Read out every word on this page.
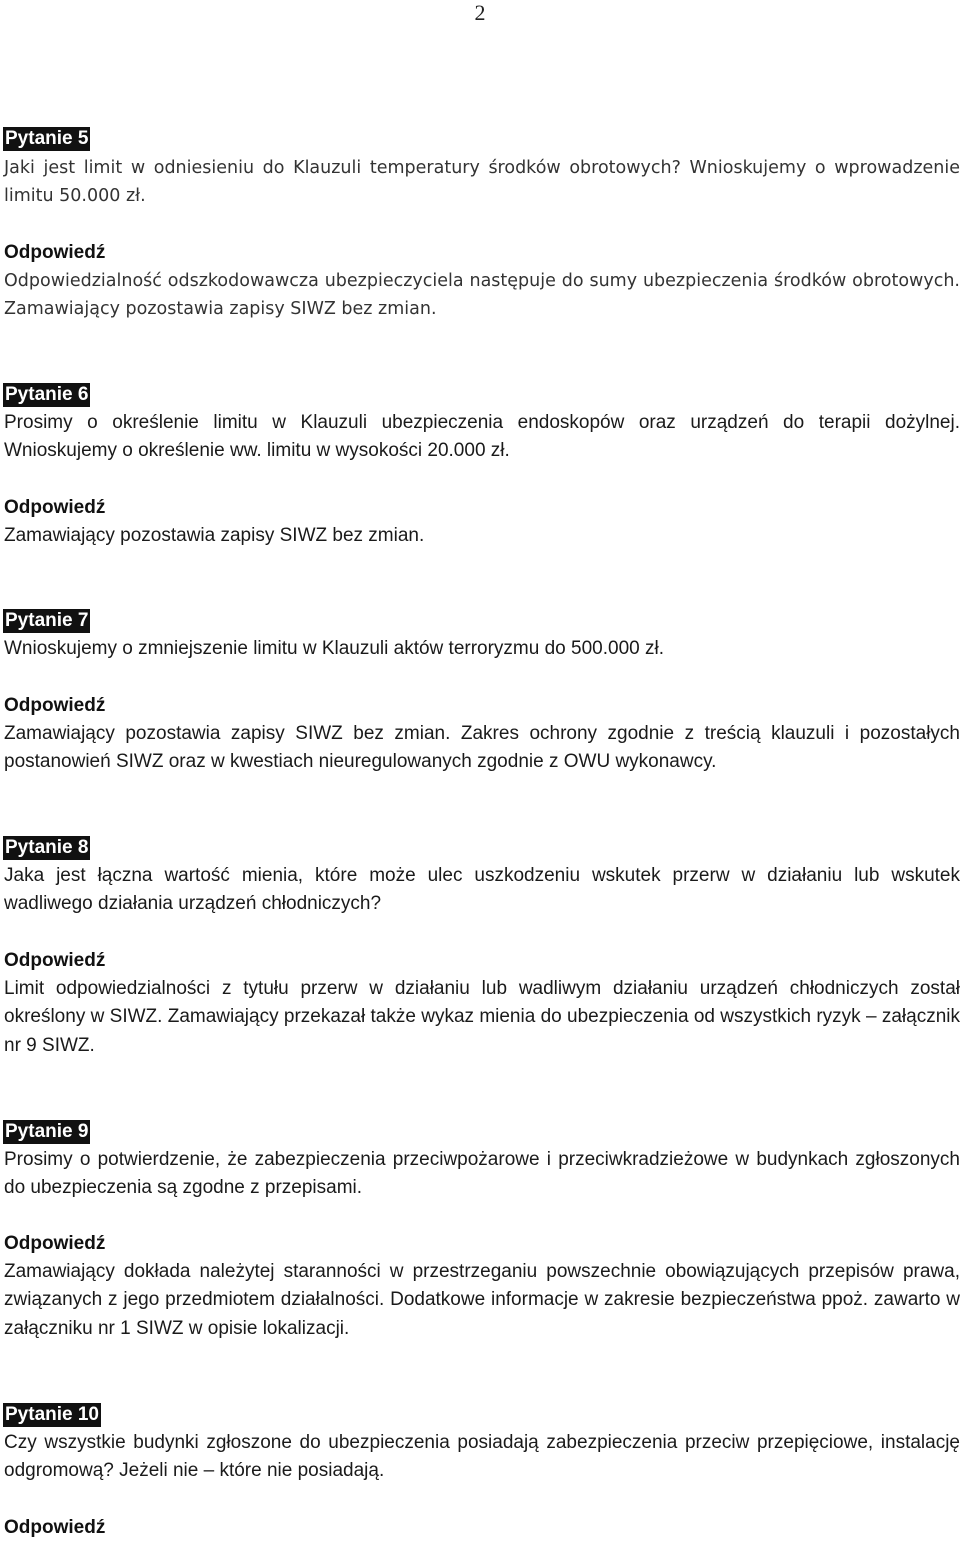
2
Pytanie 5

Jaki jest limit w odniesieniu do Klauzuli temperatury środków obrotowych? Wnioskujemy o wprowadzenie limitu 50.000 zł.

Odpowiedź

Odpowiedzialność odszkodowawcza ubezpieczyciela następuje do sumy ubezpieczenia środków obrotowych. Zamawiający pozostawia zapisy SIWZ bez zmian.

Pytanie 6

Prosimy o określenie limitu w Klauzuli ubezpieczenia endoskopów oraz urządzeń do terapii dożylnej. Wnioskujemy o określenie ww. limitu w wysokości 20.000 zł.

Odpowiedź

Zamawiający pozostawia zapisy SIWZ bez zmian.

Pytanie 7

Wnioskujemy o zmniejszenie limitu w Klauzuli aktów terroryzmu do 500.000 zł.

Odpowiedź

Zamawiający pozostawia zapisy SIWZ bez zmian. Zakres ochrony zgodnie z treścią klauzuli i pozostałych postanowień SIWZ oraz w kwestiach nieuregulowanych zgodnie z OWU wykonawcy.

Pytanie 8

Jaka jest łączna wartość mienia, które może ulec uszkodzeniu wskutek przerw w działaniu lub wskutek wadliwego działania urządzeń chłodniczych?

Odpowiedź

Limit odpowiedzialności z tytułu przerw w działaniu lub wadliwym działaniu urządzeń chłodniczych został określony w SIWZ. Zamawiający przekazał także wykaz mienia do ubezpieczenia od wszystkich ryzyk – załącznik nr 9 SIWZ.

Pytanie 9

Prosimy o potwierdzenie, że zabezpieczenia przeciwpożarowe i przeciwkradzieżowe w budynkach zgłoszonych do ubezpieczenia są zgodne z przepisami.

Odpowiedź

Zamawiający dokłada należytej staranności w przestrzeganiu powszechnie obowiązujących przepisów prawa, związanych z jego przedmiotem działalności. Dodatkowe informacje w zakresie bezpieczeństwa ppoż. zawarto w załączniku nr 1 SIWZ w opisie lokalizacji.

Pytanie 10

Czy wszystkie budynki zgłoszone do ubezpieczenia posiadają zabezpieczenia przeciw przepięciowe, instalację odgromową? Jeżeli nie – które nie posiadają.

Odpowiedź
